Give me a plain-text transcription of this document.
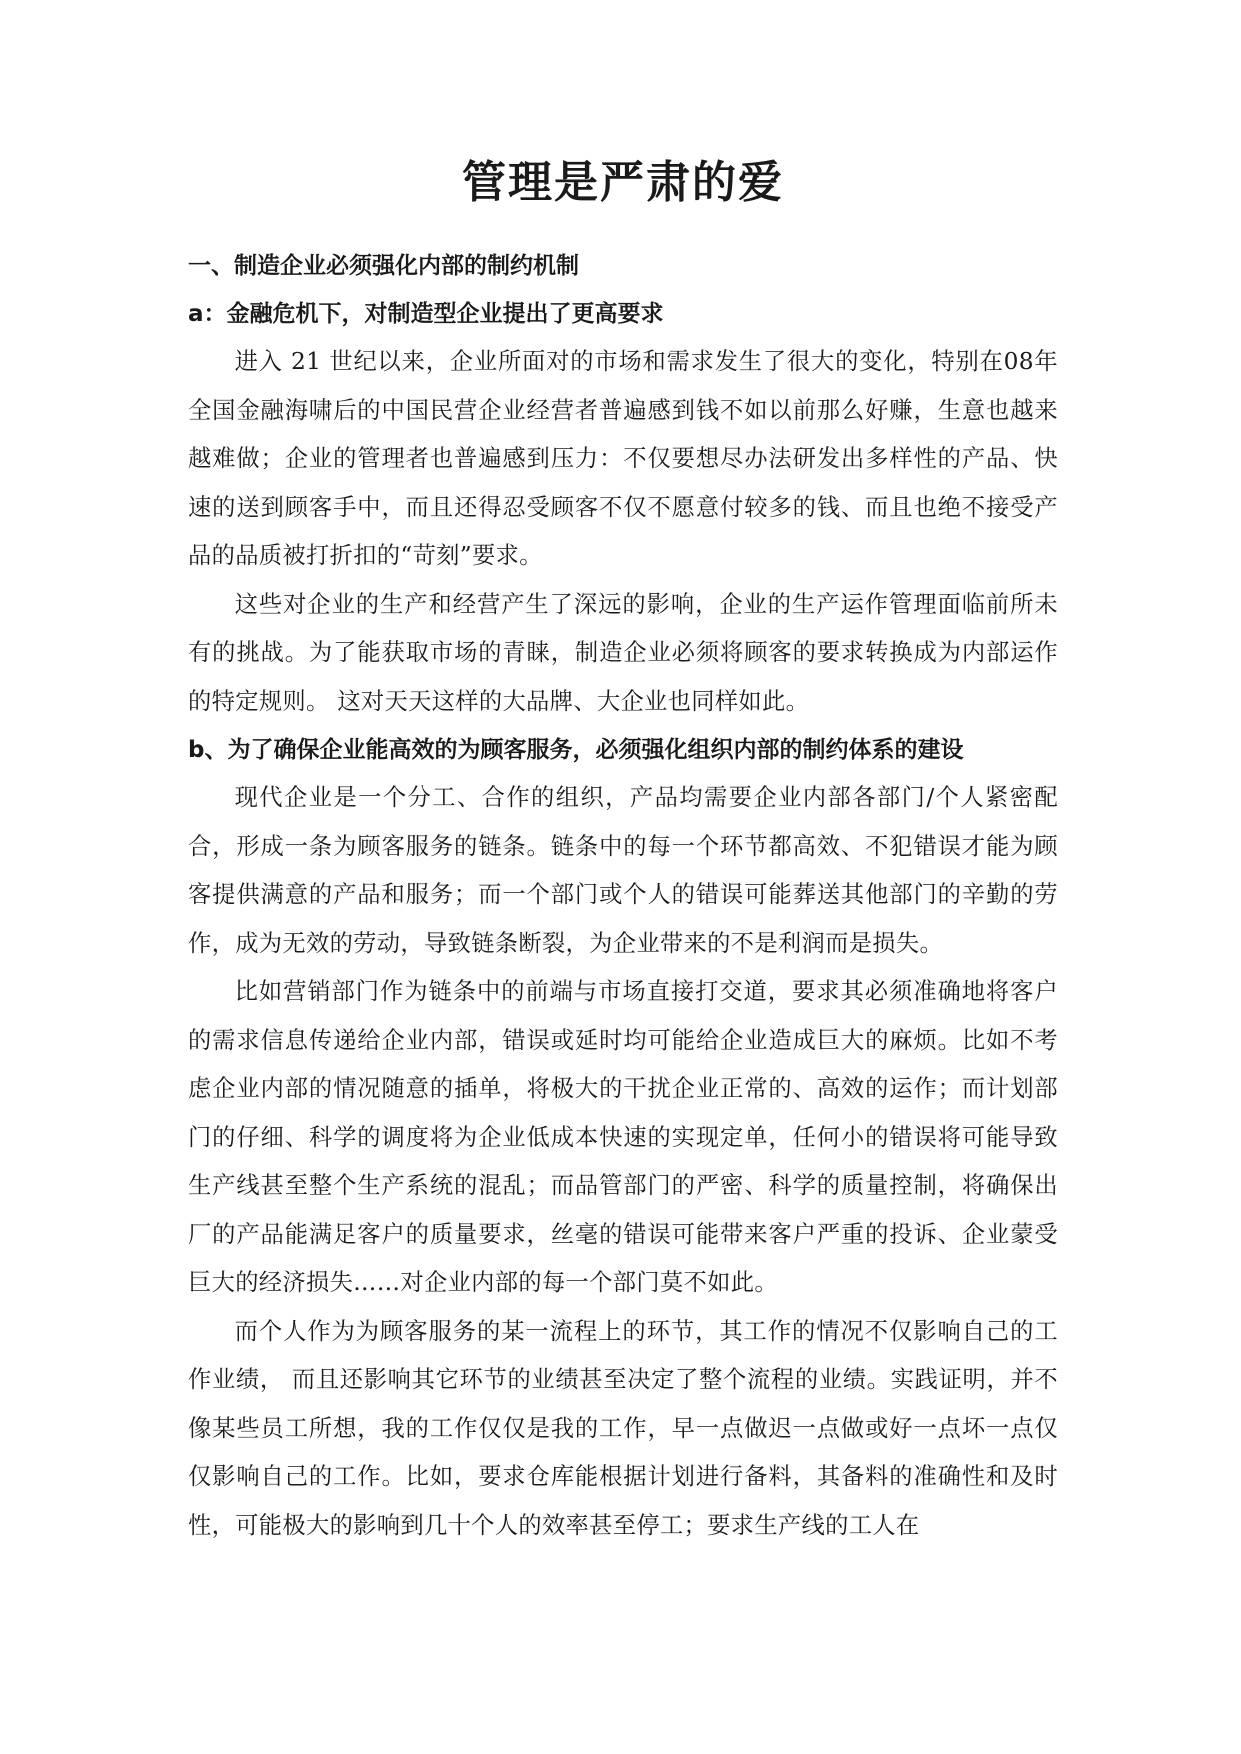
管理是严肃的爱

一、制造企业必须强化内部的制约机制

a：金融危机下，对制造型企业提出了更高要求

进入 21 世纪以来，企业所面对的市场和需求发生了很大的变化，特别在08年全国金融海啸后的中国民营企业经营者普遍感到钱不如以前那么好赚，生意也越来越难做；企业的管理者也普遍感到压力：不仅要想尽办法研发出多样性的产品、快速的送到顾客手中，而且还得忍受顾客不仅不愿意付较多的钱、而且也绝不接受产品的品质被打折扣的“苛刻”要求。

这些对企业的生产和经营产生了深远的影响，企业的生产运作管理面临前所未有的挑战。为了能获取市场的青睐，制造企业必须将顾客的要求转换成为内部运作的特定规则。 这对天天这样的大品牌、大企业也同样如此。

b、为了确保企业能高效的为顾客服务，必须强化组织内部的制约体系的建设

现代企业是一个分工、合作的组织，产品均需要企业内部各部门/个人紧密配合，形成一条为顾客服务的链条。链条中的每一个环节都高效、不犯错误才能为顾客提供满意的产品和服务；而一个部门或个人的错误可能葬送其他部门的辛勤的劳作，成为无效的劳动，导致链条断裂，为企业带来的不是利润而是损失。

比如营销部门作为链条中的前端与市场直接打交道，要求其必须准确地将客户的需求信息传递给企业内部，错误或延时均可能给企业造成巨大的麻烦。比如不考虑企业内部的情况随意的插单，将极大的干扰企业正常的、高效的运作；而计划部门的仔细、科学的调度将为企业低成本快速的实现定单，任何小的错误将可能导致生产线甚至整个生产系统的混乱；而品管部门的严密、科学的质量控制，将确保出厂的产品能满足客户的质量要求，丝毫的错误可能带来客户严重的投诉、企业蒙受巨大的经济损失……对企业内部的每一个部门莫不如此。

而个人作为为顾客服务的某一流程上的环节，其工作的情况不仅影响自己的工作业绩， 而且还影响其它环节的业绩甚至决定了整个流程的业绩。实践证明，并不像某些员工所想，我的工作仅仅是我的工作，早一点做迟一点做或好一点坏一点仅仅影响自己的工作。比如，要求仓库能根据计划进行备料，其备料的准确性和及时性，可能极大的影响到几十个人的效率甚至停工；要求生产线的工人在
